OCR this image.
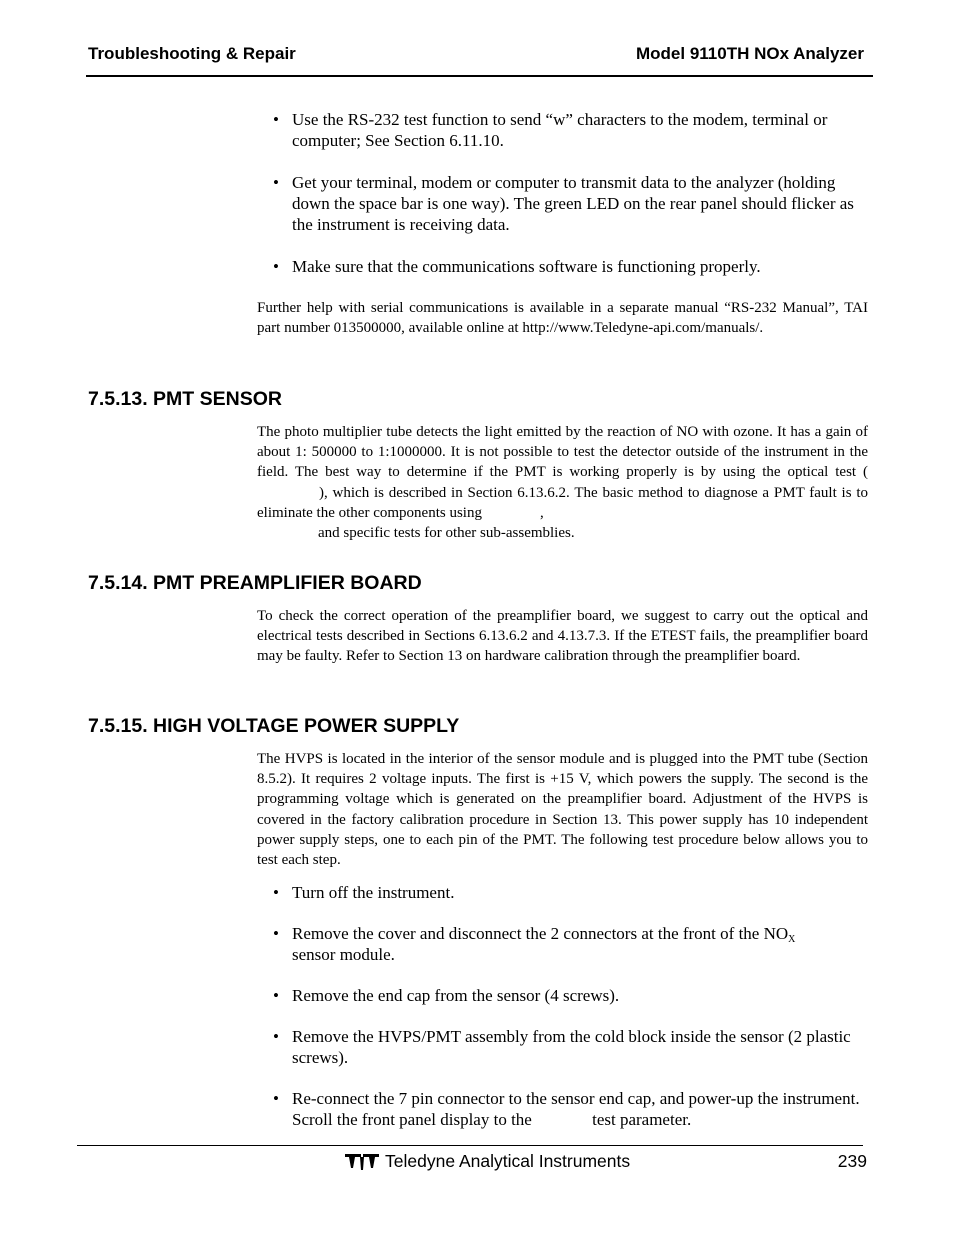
Troubleshooting & Repair	Model 9110TH NOx Analyzer
• Use the RS-232 test function to send “w” characters to the modem, terminal or computer; See Section 6.11.10.
• Get your terminal, modem or computer to transmit data to the analyzer (holding down the space bar is one way). The green LED on the rear panel should flicker as the instrument is receiving data.
• Make sure that the communications software is functioning properly.

Further help with serial communications is available in a separate manual “RS-232 Manual”, TAI part number 013500000, available online at http://www.Teledyne-api.com/manuals/.

7.5.13. PMT SENSOR

The photo multiplier tube detects the light emitted by the reaction of NO with ozone. It has a gain of about 1: 500000 to 1:1000000. It is not possible to test the detector outside of the instrument in the field. The best way to determine if the PMT is working properly is by using the optical test (), which is described in Section 6.13.6.2. The basic method to diagnose a PMT fault is to eliminate the other components using	,
and specific tests for other sub-assemblies.

7.5.14. PMT PREAMPLIFIER BOARD

To check the correct operation of the preamplifier board, we suggest to carry out the optical and electrical tests described in Sections 6.13.6.2 and 4.13.7.3. If the ETEST fails, the preamplifier board may be faulty. Refer to Section 13 on hardware calibration through the preamplifier board.

7.5.15. HIGH VOLTAGE POWER SUPPLY

The HVPS is located in the interior of the sensor module and is plugged into the PMT tube (Section 8.5.2). It requires 2 voltage inputs. The first is +15 V, which powers the supply. The second is the programming voltage which is generated on the preamplifier board. Adjustment of the HVPS is covered in the factory calibration procedure in Section 13. This power supply has 10 independent power supply steps, one to each pin of the PMT. The following test procedure below allows you to test each step.

• Turn off the instrument.
• Remove the cover and disconnect the 2 connectors at the front of the $NO_X$
sensor module.
• Remove the end cap from the sensor (4 screws).
• Remove the HVPS/PMT assembly from the cold block inside the sensor (2 plastic screws).
• Re-connect the 7 pin connector to the sensor end cap, and power-up the instrument. Scroll the front panel display to the	test parameter.
Teledyne Analytical Instruments	239
